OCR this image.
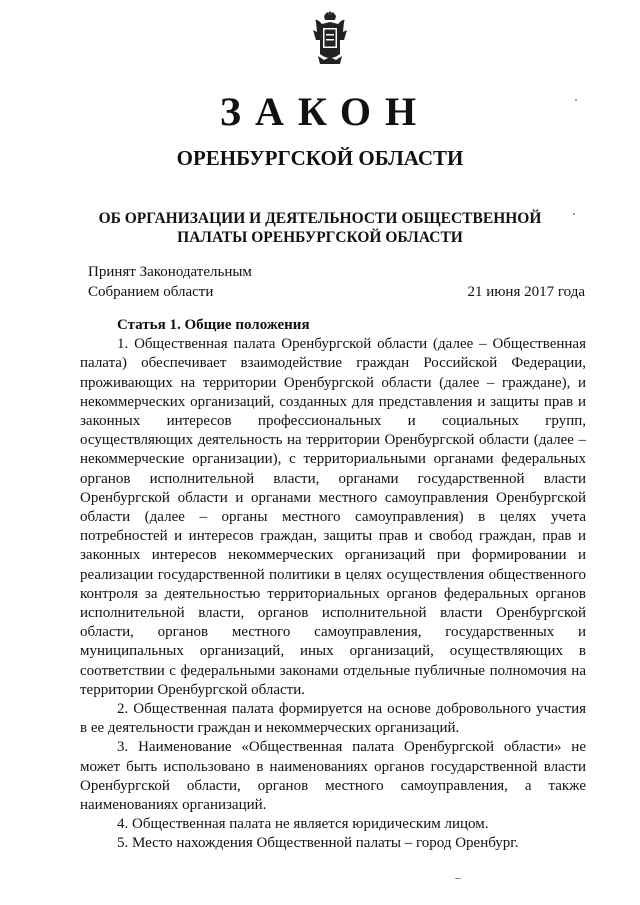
ЗАКОН
ОРЕНБУРГСКОЙ ОБЛАСТИ
ОБ ОРГАНИЗАЦИИ И ДЕЯТЕЛЬНОСТИ ОБЩЕСТВЕННОЙ
ПАЛАТЫ ОРЕНБУРГСКОЙ ОБЛАСТИ
Принят Законодательным
Собранием области	21 июня 2017 года

Статья 1. Общие положения

1. Общественная палата Оренбургской области (далее – Общественная палата) обеспечивает взаимодействие граждан Российской Федерации, проживающих на территории Оренбургской области (далее – граждане), и некоммерческих организаций, созданных для представления и защиты прав и законных интересов профессиональных и социальных групп, осуществляющих деятельность на территории Оренбургской области (далее – некоммерческие организации), с территориальными органами федеральных органов исполнительной власти, органами государственной власти Оренбургской области и органами местного самоуправления Оренбургской области (далее – органы местного самоуправления) в целях учета потребностей и интересов граждан, защиты прав и свобод граждан, прав и законных интересов некоммерческих организаций при формировании и реализации государственной политики в целях осуществления общественного контроля за деятельностью территориальных органов федеральных органов исполнительной власти, органов исполнительной власти Оренбургской области, органов местного самоуправления, государственных и муниципальных организаций, иных организаций, осуществляющих в соответствии с федеральными законами отдельные публичные полномочия на территории Оренбургской области.

2. Общественная палата формируется на основе добровольного участия в ее деятельности граждан и некоммерческих организаций.

3. Наименование «Общественная палата Оренбургской области» не может быть использовано в наименованиях органов государственной власти Оренбургской области, органов местного самоуправления, а также наименованиях организаций.

4. Общественная палата не является юридическим лицом.

5. Место нахождения Общественной палаты – город Оренбург.
